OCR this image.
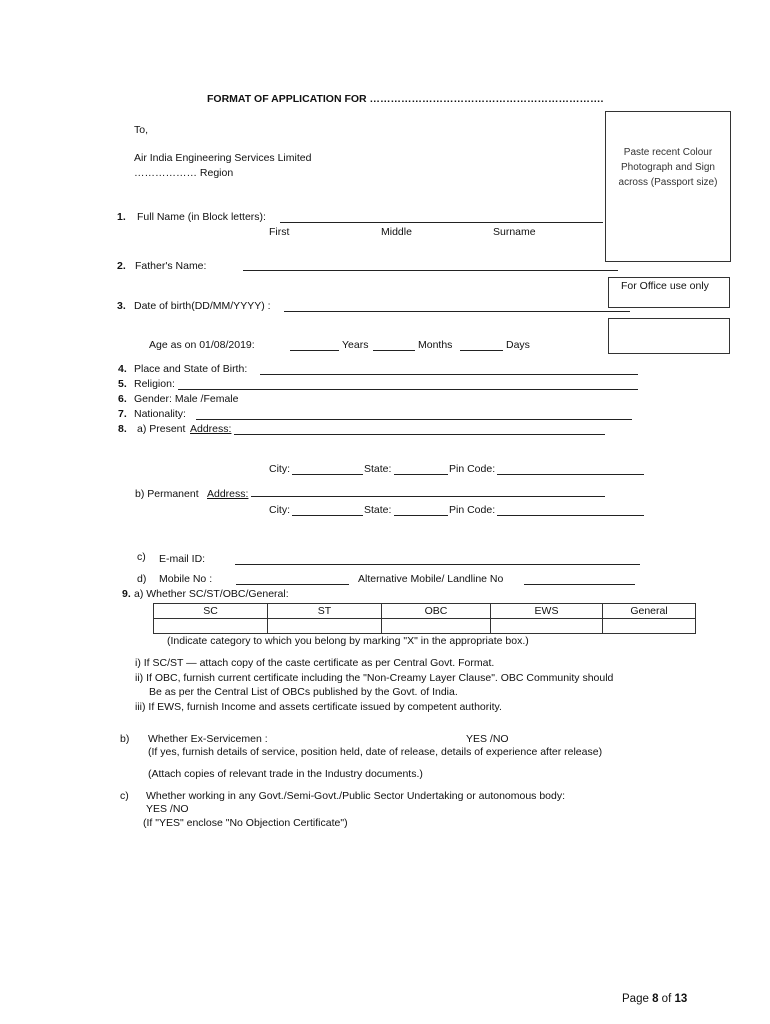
FORMAT OF APPLICATION FOR ………………………………………………………….
To,
Air India Engineering Services Limited
……………… Region
Paste recent Colour
Photograph and Sign
across (Passport size)
For Office use only
1. Full Name (in Block letters):
First	Middle	Surname
2. Father's Name:
3. Date of birth(DD/MM/YYYY) :
Age as on 01/08/2019:	Years	Months	Days
4. Place and State of Birth:
5. Religion:
6. Gender: Male /Female
7. Nationality:
8. a) Present Address:
City:	State:	Pin Code:
b) Permanent Address:
City:	State:	Pin Code:
c) E-mail ID:
d) Mobile No :	Alternative Mobile/ Landline No
9. a) Whether SC/ST/OBC/General:
SC	ST	OBC	EWS	General

(Indicate category to which you belong by marking "X" in the appropriate box.)
i) If SC/ST — attach copy of the caste certificate as per Central Govt. Format.
ii) If OBC, furnish current certificate including the "Non-Creamy Layer Clause". OBC Community should
Be as per the Central List of OBCs published by the Govt. of India.
iii) If EWS, furnish Income and assets certificate issued by competent authority.
b) Whether Ex-Servicemen :	YES /NO
(If yes, furnish details of service, position held, date of release, details of experience after release)
(Attach copies of relevant trade in the Industry documents.)
c) Whether working in any Govt./Semi-Govt./Public Sector Undertaking or autonomous body:
YES /NO
(If "YES" enclose "No Objection Certificate")
Page 8 of 13
